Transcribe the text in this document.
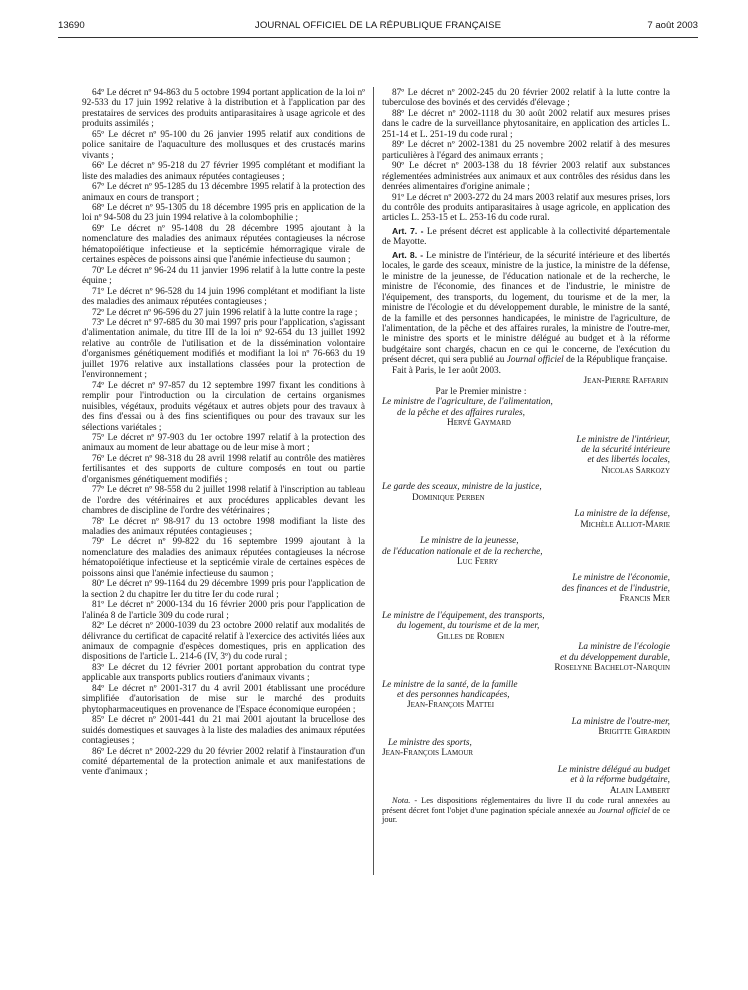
13690	JOURNAL OFFICIEL DE LA RÉPUBLIQUE FRANÇAISE	7 août 2003

64º Le décret nº 94-863 du 5 octobre 1994 portant application de la loi nº 92-533 du 17 juin 1992 relative à la distribution et à l'application par des prestataires de services des produits antiparasitaires à usage agricole et des produits assimilés ;

65º Le décret nº 95-100 du 26 janvier 1995 relatif aux conditions de police sanitaire de l'aquaculture des mollusques et des crustacés marins vivants ;

66º Le décret nº 95-218 du 27 février 1995 complétant et modifiant la liste des maladies des animaux réputées contagieuses ;

67º Le décret nº 95-1285 du 13 décembre 1995 relatif à la protection des animaux en cours de transport ;

68º Le décret nº 95-1305 du 18 décembre 1995 pris en application de la loi nº 94-508 du 23 juin 1994 relative à la colombophilie ;

69º Le décret nº 95-1408 du 28 décembre 1995 ajoutant à la nomenclature des maladies des animaux réputées contagieuses la nécrose hématopoïétique infectieuse et la septicémie hémorragique virale de certaines espèces de poissons ainsi que l'anémie infectieuse du saumon ;

70º Le décret nº 96-24 du 11 janvier 1996 relatif à la lutte contre la peste équine ;

71º Le décret nº 96-528 du 14 juin 1996 complétant et modifiant la liste des maladies des animaux réputées contagieuses ;

72º Le décret nº 96-596 du 27 juin 1996 relatif à la lutte contre la rage ;

73º Le décret nº 97-685 du 30 mai 1997 pris pour l'application, s'agissant d'alimentation animale, du titre III de la loi nº 92-654 du 13 juillet 1992 relative au contrôle de l'utilisation et de la dissémination volontaire d'organismes génétiquement modifiés et modifiant la loi nº 76-663 du 19 juillet 1976 relative aux installations classées pour la protection de l'environnement ;

74º Le décret nº 97-857 du 12 septembre 1997 fixant les conditions à remplir pour l'introduction ou la circulation de certains organismes nuisibles, végétaux, produits végétaux et autres objets pour des travaux à des fins d'essai ou à des fins scientifiques ou pour des travaux sur les sélections variétales ;

75º Le décret nº 97-903 du 1er octobre 1997 relatif à la protection des animaux au moment de leur abattage ou de leur mise à mort ;

76º Le décret nº 98-318 du 28 avril 1998 relatif au contrôle des matières fertilisantes et des supports de culture composés en tout ou partie d'organismes génétiquement modifiés ;

77º Le décret nº 98-558 du 2 juillet 1998 relatif à l'inscription au tableau de l'ordre des vétérinaires et aux procédures applicables devant les chambres de discipline de l'ordre des vétérinaires ;

78º Le décret nº 98-917 du 13 octobre 1998 modifiant la liste des maladies des animaux réputées contagieuses ;

79º Le décret nº 99-822 du 16 septembre 1999 ajoutant à la nomenclature des maladies des animaux réputées contagieuses la nécrose hématopoïétique infectieuse et la septicémie virale de certaines espèces de poissons ainsi que l'anémie infectieuse du saumon ;

80º Le décret nº 99-1164 du 29 décembre 1999 pris pour l'application de la section 2 du chapitre Ier du titre Ier du code rural ;

81º Le décret nº 2000-134 du 16 février 2000 pris pour l'application de l'alinéa 8 de l'article 309 du code rural ;

82º Le décret nº 2000-1039 du 23 octobre 2000 relatif aux modalités de délivrance du certificat de capacité relatif à l'exercice des activités liées aux animaux de compagnie d'espèces domestiques, pris en application des dispositions de l'article L. 214-6 (IV, 3º) du code rural ;

83º Le décret du 12 février 2001 portant approbation du contrat type applicable aux transports publics routiers d'animaux vivants ;

84º Le décret nº 2001-317 du 4 avril 2001 établissant une procédure simplifiée d'autorisation de mise sur le marché des produits phytopharmaceutiques en provenance de l'Espace économique européen ;

85º Le décret nº 2001-441 du 21 mai 2001 ajoutant la brucellose des suidés domestiques et sauvages à la liste des maladies des animaux réputées contagieuses ;

86º Le décret nº 2002-229 du 20 février 2002 relatif à l'instauration d'un comité départemental de la protection animale et aux manifestations de vente d'animaux ;

87º Le décret nº 2002-245 du 20 février 2002 relatif à la lutte contre la tuberculose des bovinés et des cervidés d'élevage ;

88º Le décret nº 2002-1118 du 30 août 2002 relatif aux mesures prises dans le cadre de la surveillance phytosanitaire, en application des articles L. 251-14 et L. 251-19 du code rural ;

89º Le décret nº 2002-1381 du 25 novembre 2002 relatif à des mesures particulières à l'égard des animaux errants ;

90º Le décret nº 2003-138 du 18 février 2003 relatif aux substances réglementées administrées aux animaux et aux contrôles des résidus dans les denrées alimentaires d'origine animale ;

91º Le décret nº 2003-272 du 24 mars 2003 relatif aux mesures prises, lors du contrôle des produits antiparasitaires à usage agricole, en application des articles L. 253-15 et L. 253-16 du code rural.

Art. 7. - Le présent décret est applicable à la collectivité départementale de Mayotte.

Art. 8. - Le ministre de l'intérieur, de la sécurité intérieure et des libertés locales, le garde des sceaux, ministre de la justice, la ministre de la défense, le ministre de la jeunesse, de l'éducation nationale et de la recherche, le ministre de l'économie, des finances et de l'industrie, le ministre de l'équipement, des transports, du logement, du tourisme et de la mer, la ministre de l'écologie et du développement durable, le ministre de la santé, de la famille et des personnes handicapées, le ministre de l'agriculture, de l'alimentation, de la pêche et des affaires rurales, la ministre de l'outre-mer, le ministre des sports et le ministre délégué au budget et à la réforme budgétaire sont chargés, chacun en ce qui le concerne, de l'exécution du présent décret, qui sera publié au Journal officiel de la République française.

Fait à Paris, le 1er août 2003.

Jean-Pierre Raffarin
Par le Premier ministre :
Le ministre de l'agriculture, de l'alimentation,
de la pêche et des affaires rurales,
Hervé Gaymard
Le ministre de l'intérieur,
de la sécurité intérieure
et des libertés locales,
Nicolas Sarkozy
Le garde des sceaux, ministre de la justice,
Dominique Perben
La ministre de la défense,
Michèle Alliot-Marie
Le ministre de la jeunesse,
de l'éducation nationale et de la recherche,
Luc Ferry
Le ministre de l'économie,
des finances et de l'industrie,
Francis Mer
Le ministre de l'équipement, des transports,
du logement, du tourisme et de la mer,
Gilles de Robien
La ministre de l'écologie
et du développement durable,
Roselyne Bachelot-Narquin
Le ministre de la santé, de la famille
et des personnes handicapées,
Jean-François Mattei
La ministre de l'outre-mer,
Brigitte Girardin
Le ministre des sports,
Jean-François Lamour
Le ministre délégué au budget
et à la réforme budgétaire,
Alain Lambert

Nota. - Les dispositions réglementaires du livre II du code rural annexées au présent décret font l'objet d'une pagination spéciale annexée au Journal officiel de ce jour.
